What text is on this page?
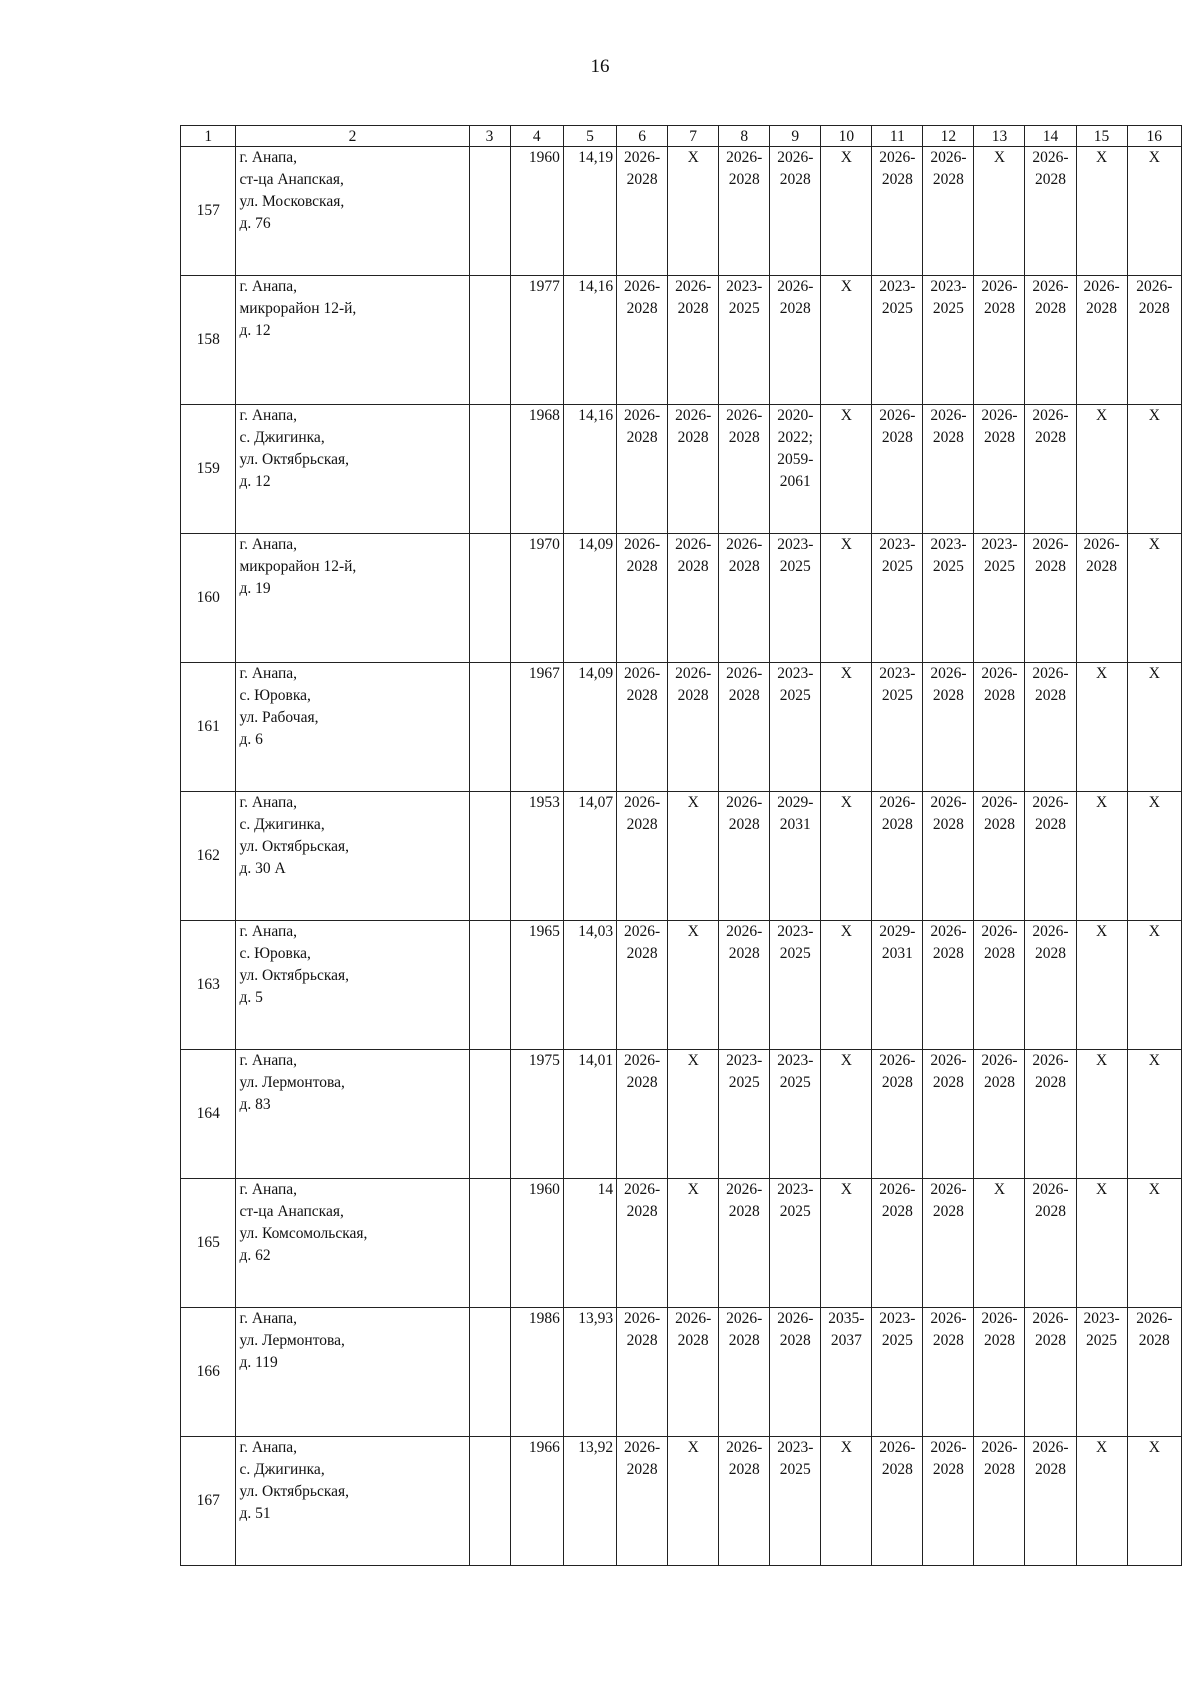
16
1	2	3	4	5	6	7	8	9	10	11	12	13	14	15	16
157	г. Анапа,
ст-ца Анапская,
ул. Московская,
д. 76		1960	14,19	2026-
2028	X	2026-
2028	2026-
2028	X	2026-
2028	2026-
2028	X	2026-
2028	X	X

158	г. Анапа,
микрорайон 12-й,
д. 12		1977	14,16	2026-
2028	2026-
2028	2023-
2025	2026-
2028	X	2023-
2025	2023-
2025	2026-
2028	2026-
2028	2026-
2028	2026-
2028

159	г. Анапа,
с. Джигинка,
ул. Октябрьская,
д. 12		1968	14,16	2026-
2028	2026-
2028	2026-
2028	2020-
2022;
2059-
2061	X	2026-
2028	2026-
2028	2026-
2028	2026-
2028	X	X

160	г. Анапа,
микрорайон 12-й,
д. 19		1970	14,09	2026-
2028	2026-
2028	2026-
2028	2023-
2025	X	2023-
2025	2023-
2025	2023-
2025	2026-
2028	2026-
2028	X

161	г. Анапа,
с. Юровка,
ул. Рабочая,
д. 6		1967	14,09	2026-
2028	2026-
2028	2026-
2028	2023-
2025	X	2023-
2025	2026-
2028	2026-
2028	2026-
2028	X	X

162	г. Анапа,
с. Джигинка,
ул. Октябрьская,
д. 30 А		1953	14,07	2026-
2028	X	2026-
2028	2029-
2031	X	2026-
2028	2026-
2028	2026-
2028	2026-
2028	X	X

163	г. Анапа,
с. Юровка,
ул. Октябрьская,
д. 5		1965	14,03	2026-
2028	X	2026-
2028	2023-
2025	X	2029-
2031	2026-
2028	2026-
2028	2026-
2028	X	X

164	г. Анапа,
ул. Лермонтова,
д. 83		1975	14,01	2026-
2028	X	2023-
2025	2023-
2025	X	2026-
2028	2026-
2028	2026-
2028	2026-
2028	X	X

165	г. Анапа,
ст-ца Анапская,
ул. Комсомольская,
д. 62		1960	14	2026-
2028	X	2026-
2028	2023-
2025	X	2026-
2028	2026-
2028	X	2026-
2028	X	X

166	г. Анапа,
ул. Лермонтова,
д. 119		1986	13,93	2026-
2028	2026-
2028	2026-
2028	2026-
2028	2035-
2037	2023-
2025	2026-
2028	2026-
2028	2026-
2028	2023-
2025	2026-
2028

167	г. Анапа,
с. Джигинка,
ул. Октябрьская,
д. 51		1966	13,92	2026-
2028	X	2026-
2028	2023-
2025	X	2026-
2028	2026-
2028	2026-
2028	2026-
2028	X	X
